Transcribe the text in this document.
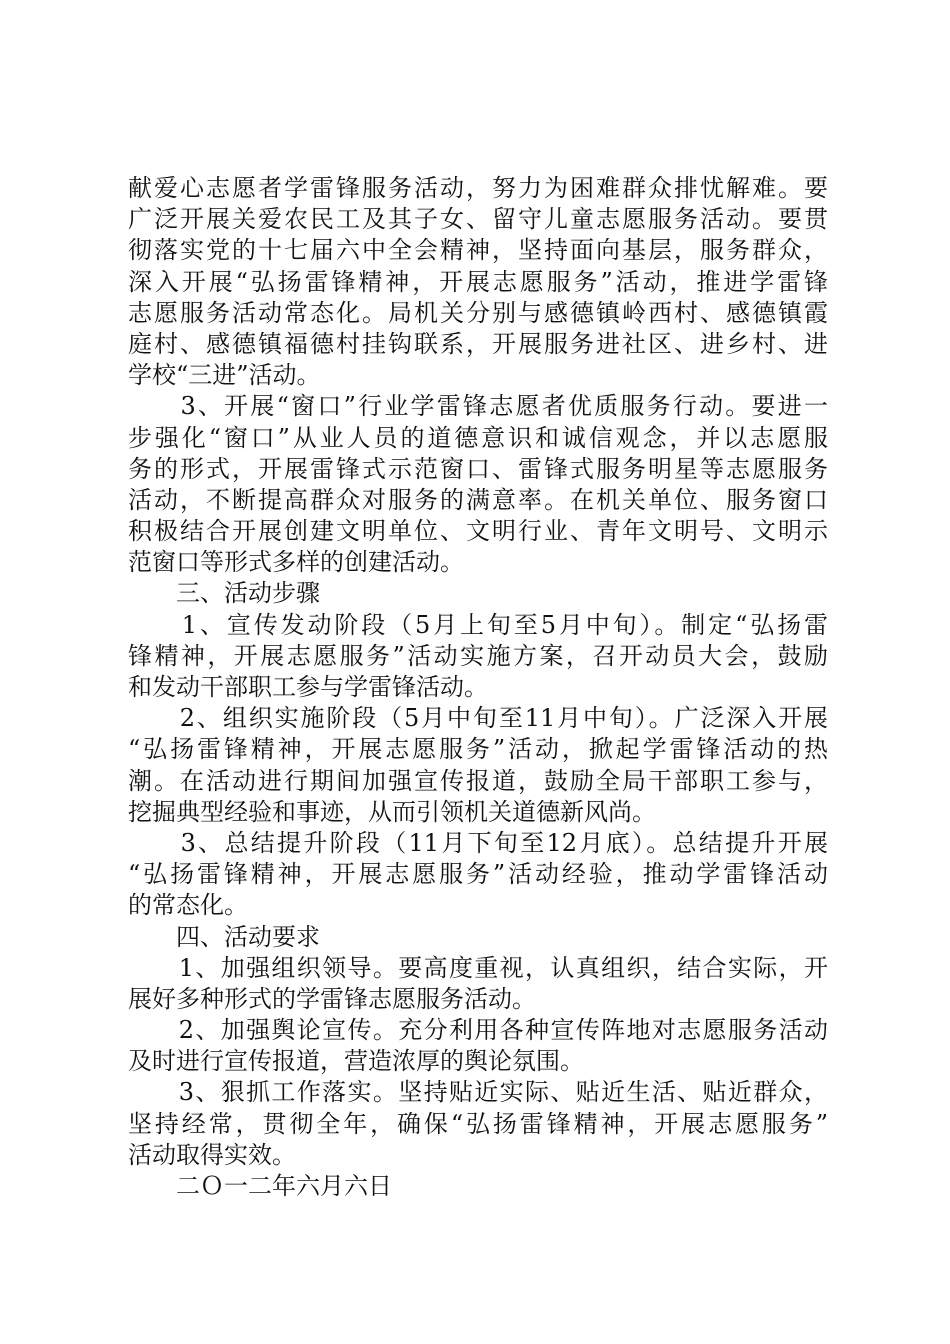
献爱心志愿者学雷锋服务活动，努力为困难群众排忧解难。要
广泛开展关爱农民工及其子女、留守儿童志愿服务活动。要贯
彻落实党的十七届六中全会精神，坚持面向基层，服务群众，
深入开展“弘扬雷锋精神，开展志愿服务”活动，推进学雷锋
志愿服务活动常态化。局机关分别与感德镇岭西村、感德镇霞
庭村、感德镇福德村挂钩联系，开展服务进社区、进乡村、进
学校“三进”活动。
　　3、开展“窗口”行业学雷锋志愿者优质服务行动。要进一
步强化“窗口”从业人员的道德意识和诚信观念，并以志愿服
务的形式，开展雷锋式示范窗口、雷锋式服务明星等志愿服务
活动，不断提高群众对服务的满意率。在机关单位、服务窗口
积极结合开展创建文明单位、文明行业、青年文明号、文明示
范窗口等形式多样的创建活动。
　　三、活动步骤
　　1、宣传发动阶段（5月上旬至5月中旬）。制定“弘扬雷
锋精神，开展志愿服务”活动实施方案，召开动员大会，鼓励
和发动干部职工参与学雷锋活动。
　　2、组织实施阶段（5月中旬至11月中旬）。广泛深入开展
“弘扬雷锋精神，开展志愿服务”活动，掀起学雷锋活动的热
潮。在活动进行期间加强宣传报道，鼓励全局干部职工参与，
挖掘典型经验和事迹，从而引领机关道德新风尚。
　　3、总结提升阶段（11月下旬至12月底）。总结提升开展
“弘扬雷锋精神，开展志愿服务”活动经验，推动学雷锋活动
的常态化。
　　四、活动要求
　　1、加强组织领导。要高度重视，认真组织，结合实际，开
展好多种形式的学雷锋志愿服务活动。
　　2、加强舆论宣传。充分利用各种宣传阵地对志愿服务活动
及时进行宣传报道，营造浓厚的舆论氛围。
　　3、狠抓工作落实。坚持贴近实际、贴近生活、贴近群众，
坚持经常，贯彻全年，确保“弘扬雷锋精神，开展志愿服务”
活动取得实效。
　　二Ｏ一二年六月六日
